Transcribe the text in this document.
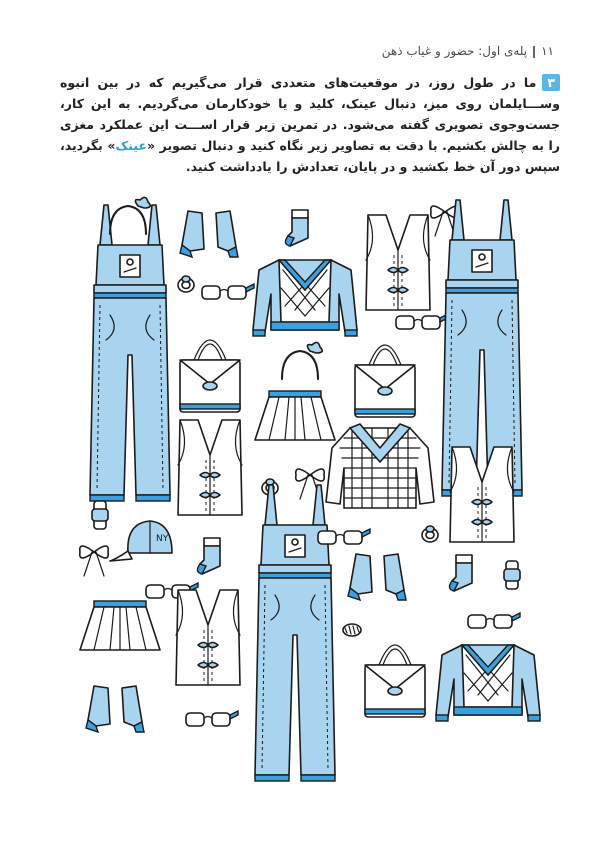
۱۱پله‌ی اول: حضور و غیاب ذهن
۳ما در طول روز، در موقعیت‌های متعددی قرار می‌گیریم که در بین انبوه وســـایلمان روی میز، دنبال عینک، کلید و یا خودکارمان می‌گردیم. به این کار، جست‌وجوی تصویری گفته می‌شود. در تمرین زیر قرار اســـت این عملکرد مغزی را به چالش بکشیم. با دقت به تصاویر زیر نگاه کنید و دنبال تصویر «عینک» بگردید، سپس دور آن خط بکشید و در پایان، تعدادش را یادداشت کنید.
NY
